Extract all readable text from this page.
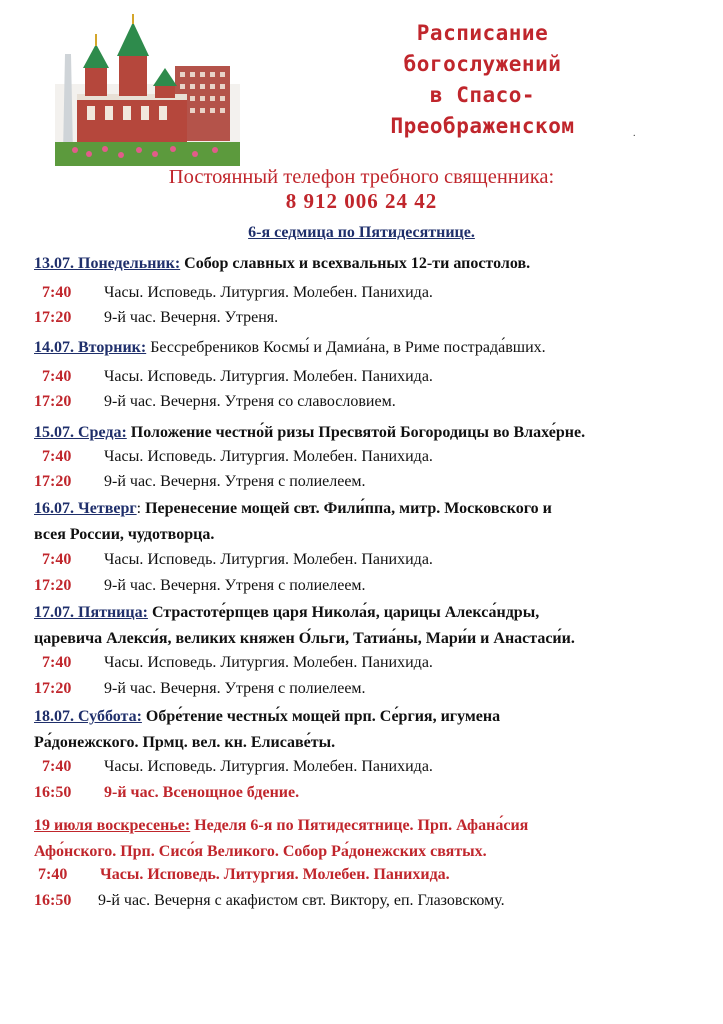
Расписание
богослужений
в Спасо-
Преображенском	.
Постоянный телефон требного священника:
8 912 006 24 42
6-я седмица по Пятидесятнице.
13.07. Понедельник: Собор славных и всехвальных 12-ти апостолов.
7:40 Часы. Исповедь. Литургия. Молебен. Панихида.
17:20 9-й час. Вечерня. Утреня.
14.07. Вторник: Бессребреников Космы́ и Дамиа́на, в Риме пострада́вших.
7:40 Часы. Исповедь. Литургия. Молебен. Панихида.
17:20 9-й час. Вечерня. Утреня со славословием.
15.07. Среда: Положение честно́й ризы Пресвятой Богородицы во Влахе́рне.
7:40 Часы. Исповедь. Литургия. Молебен. Панихида.
17:20 9-й час. Вечерня. Утреня с полиелеем.
16.07. Четверг: Перенесение мощей свт. Фили́ппа, митр. Московского и
всея России, чудотворца.
7:40 Часы. Исповедь. Литургия. Молебен. Панихида.
17:20 9-й час. Вечерня. Утреня с полиелеем.
17.07. Пятница: Страстоте́рпцев царя Никола́я, царицы Алекса́ндры,
царевича Алекси́я, великих княжен О́льги, Татиа́ны, Мари́и и Анастаси́и.
7:40 Часы. Исповедь. Литургия. Молебен. Панихида.
17:20 9-й час. Вечерня. Утреня с полиелеем.
18.07. Суббота: Обре́тение честны́х мощей прп. Се́ргия, игумена
Ра́донежского. Прмц. вел. кн. Елисаве́ты.
7:40 Часы. Исповедь. Литургия. Молебен. Панихида.
16:50 9-й час. Всенощное бдение.
19 июля воскресенье: Неделя 6-я по Пятидесятнице. Прп. Афана́сия
Афо́нского. Прп. Сисо́я Великого. Собор Ра́донежских святых.
7:40 Часы. Исповедь. Литургия. Молебен. Панихида.
16:50 9-й час. Вечерня с акафистом свт. Виктору, еп. Глазовскому.
